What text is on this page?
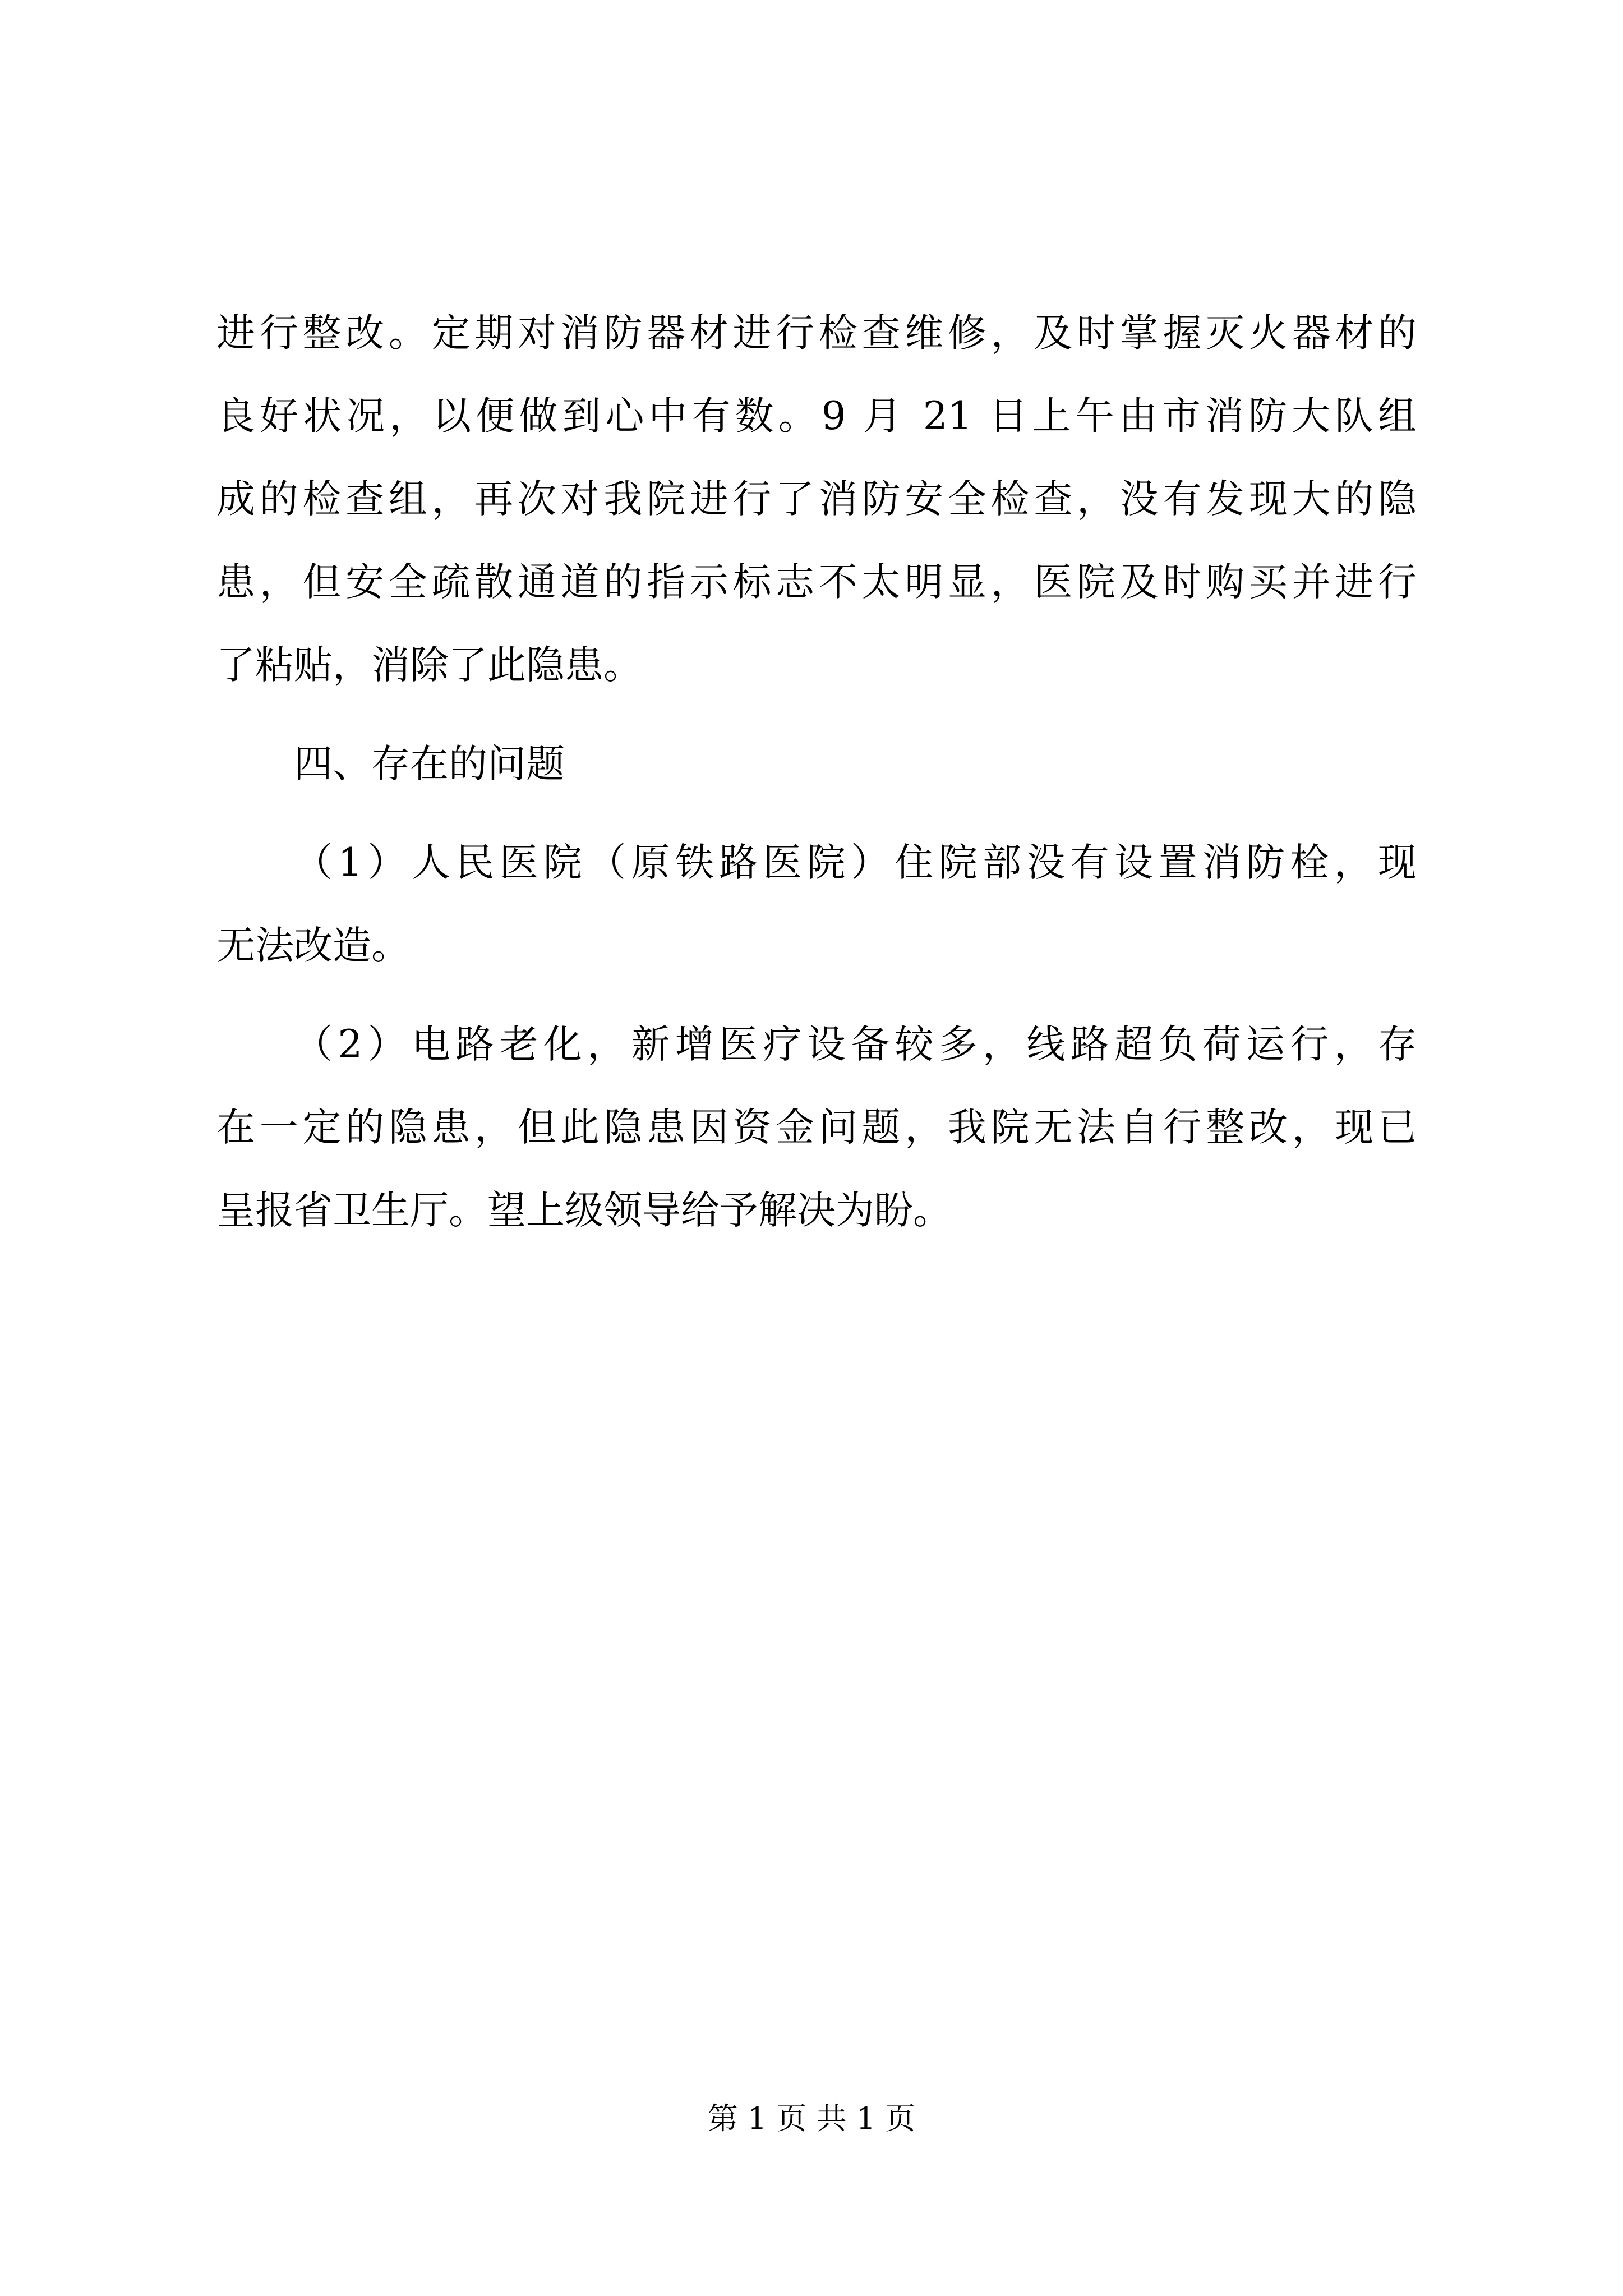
进行整改。定期对消防器材进行检查维修，及时掌握灭火器材的
良好状况，以便做到心中有数。9 月 21 日上午由市消防大队组
成的检查组，再次对我院进行了消防安全检查，没有发现大的隐
患，但安全疏散通道的指示标志不太明显，医院及时购买并进行
了粘贴，消除了此隐患。
四、存在的问题
（1）人民医院（原铁路医院）住院部没有设置消防栓，现
无法改造。
（2）电路老化，新增医疗设备较多，线路超负荷运行，存
在一定的隐患，但此隐患因资金问题，我院无法自行整改，现已
呈报省卫生厅。望上级领导给予解决为盼。
第 1 页 共 1 页
